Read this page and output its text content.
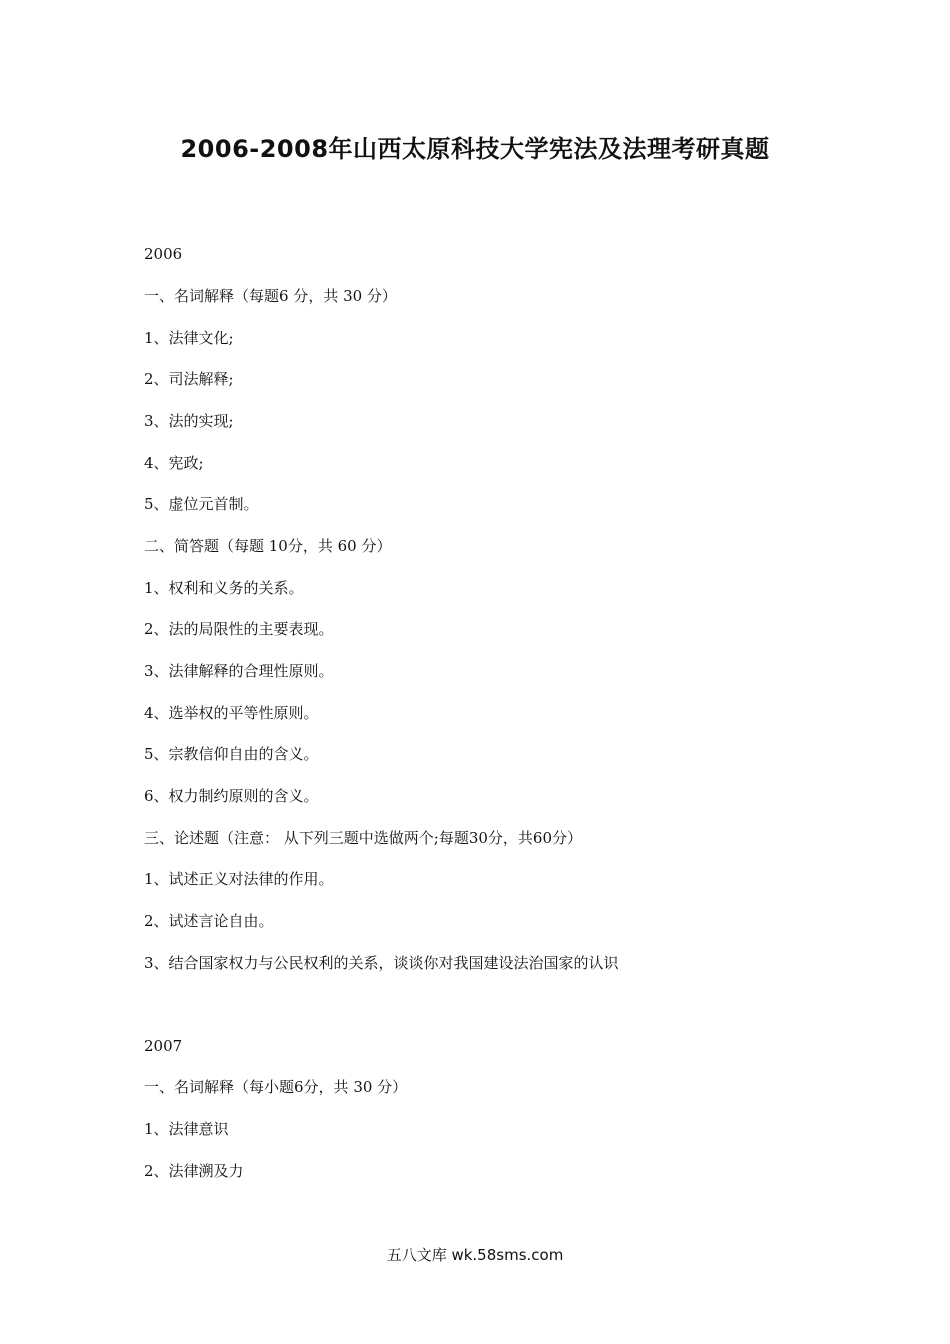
2006-2008年山西太原科技大学宪法及法理考研真题
2006
一、名词解释（每题6 分，共 30 分）
1、法律文化;
2、司法解释;
3、法的实现;
4、宪政;
5、虚位元首制。
二、简答题（每题 10分，共 60 分）
1、权利和义务的关系。
2、法的局限性的主要表现。
3、法律解释的合理性原则。
4、选举权的平等性原则。
5、宗教信仰自由的含义。
6、权力制约原则的含义。
三、论述题（注意： 从下列三题中选做两个;每题30分，共60分）
1、试述正义对法律的作用。
2、试述言论自由。
3、结合国家权力与公民权利的关系，谈谈你对我国建设法治国家的认识
2007
一、名词解释（每小题6分，共 30 分）
1、法律意识
2、法律溯及力
五八文库 wk.58sms.com
